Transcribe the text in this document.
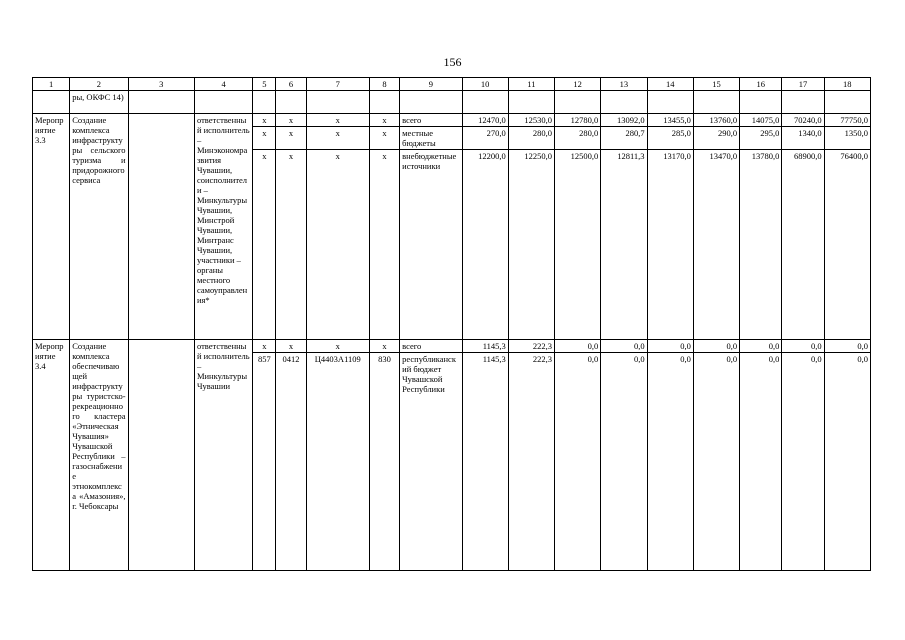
156
1	2	3	4	5	6	7	8	9	10	11	12	13	14	15	16	17	18
	ры, ОКФС 14)																
Мероприятие 3.3	Создание комплекса инфраструктуры сельского туризма и придорожного сервиса		ответственный исполнитель – Минэкономразвития Чувашии, соисполнители – Минкультуры Чувашии, Минстрой Чувашии, Минтранс Чувашии, участники – органы местного самоуправления*	x	x	x	x	всего	12470,0	12530,0	12780,0	13092,0	13455,0	13760,0	14075,0	70240,0	77750,0
				x	x	x	x	местные бюджеты	270,0	280,0	280,0	280,7	285,0	290,0	295,0	1340,0	1350,0
				x	x	x	x	внебюджетные источники	12200,0	12250,0	12500,0	12811,3	13170,0	13470,0	13780,0	68900,0	76400,0
Мероприятие 3.4	Создание комплекса обеспечивающей инфраструктуры туристско-рекреационного кластера «Этническая Чувашия» Чувашской Республики – газоснабжение этнокомплекса «Амазония», г. Чебоксары		ответственный исполнитель – Минкультуры Чувашии	x	x	x	x	всего	1145,3	222,3	0,0	0,0	0,0	0,0	0,0	0,0	0,0
				857	0412	Ц4403А1109	830	республиканский бюджет Чувашской Республики	1145,3	222,3	0,0	0,0	0,0	0,0	0,0	0,0	0,0
